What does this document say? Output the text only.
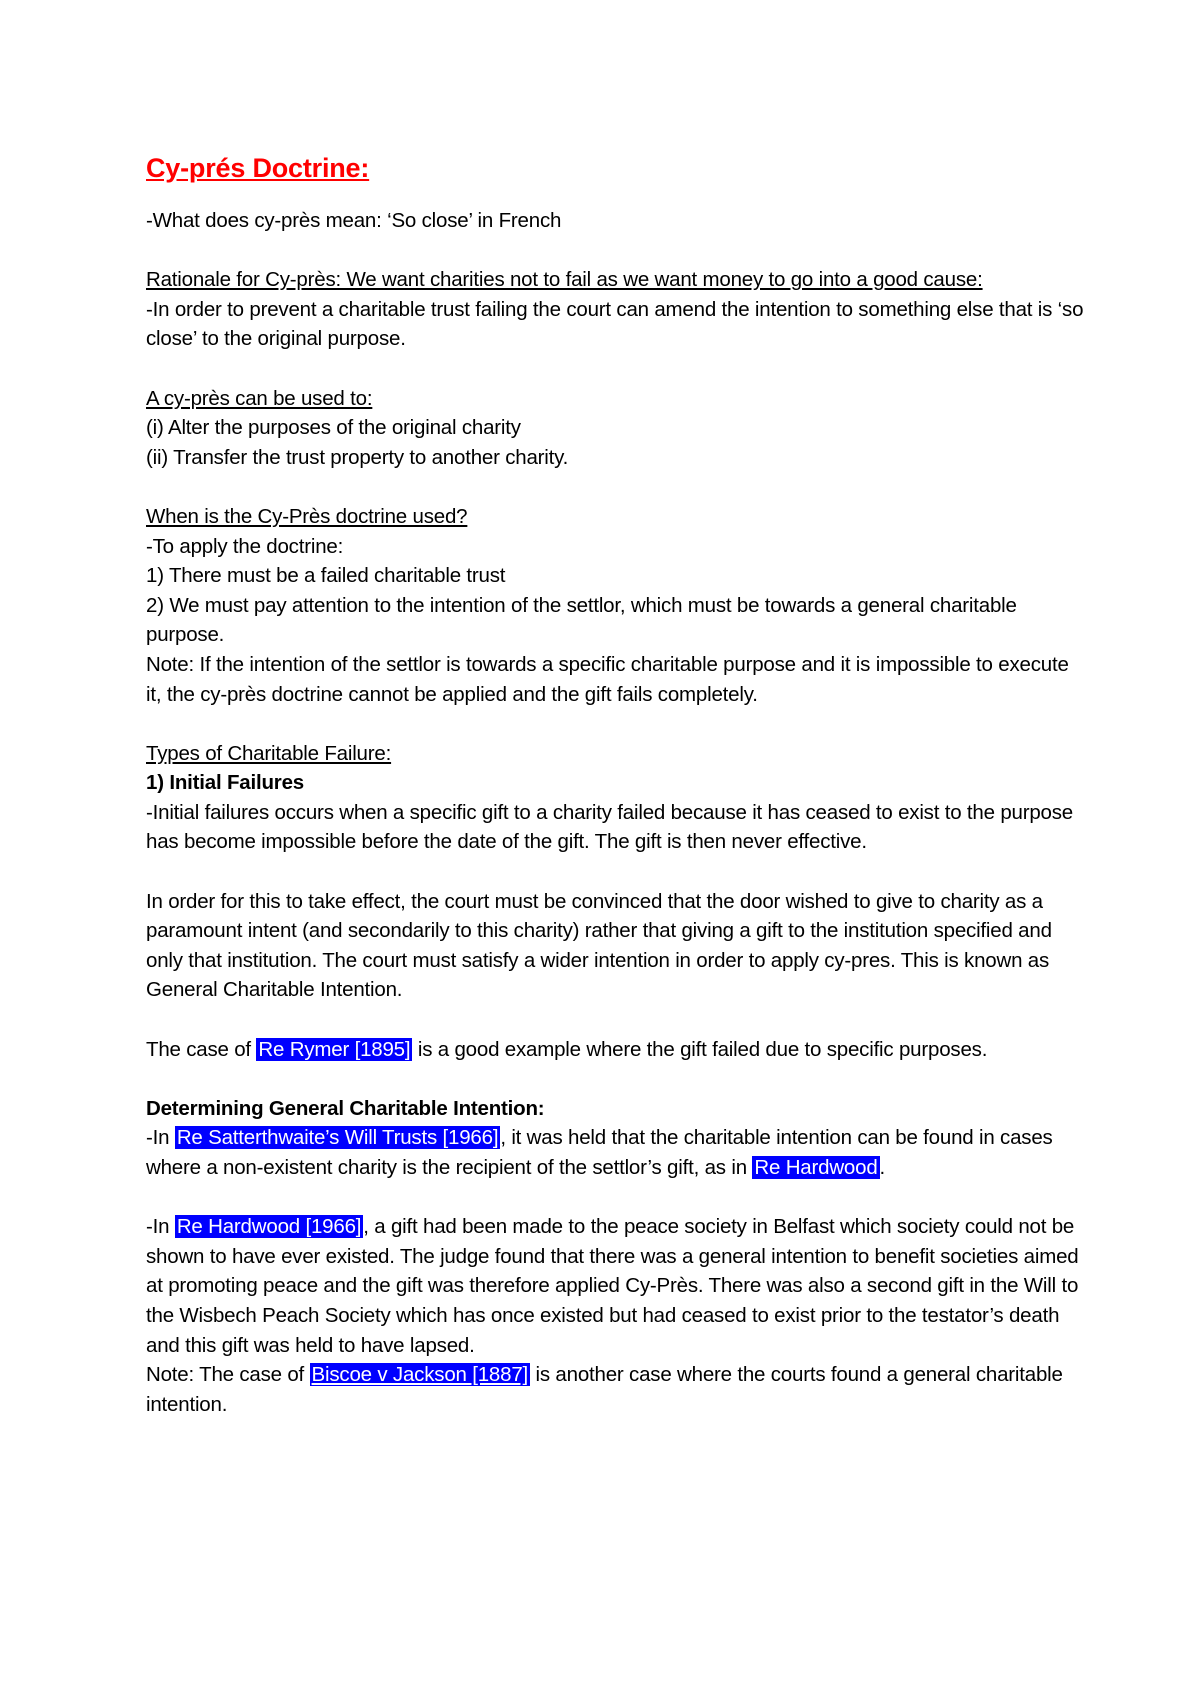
Cy-prés Doctrine:

-What does cy-près mean: ‘So close’ in French

Rationale for Cy-près: We want charities not to fail as we want money to go into a good cause:

-In order to prevent a charitable trust failing the court can amend the intention to something else that is ‘so close’ to the original purpose.

A cy-près can be used to:

(i) Alter the purposes of the original charity

(ii) Transfer the trust property to another charity.

When is the Cy-Près doctrine used?

-To apply the doctrine:

1) There must be a failed charitable trust

2) We must pay attention to the intention of the settlor, which must be towards a general charitable purpose.

Note: If the intention of the settlor is towards a specific charitable purpose and it is impossible to execute it, the cy-près doctrine cannot be applied and the gift fails completely.

Types of Charitable Failure:

1) Initial Failures

-Initial failures occurs when a specific gift to a charity failed because it has ceased to exist to the purpose has become impossible before the date of the gift. The gift is then never effective.

In order for this to take effect, the court must be convinced that the door wished to give to charity as a paramount intent (and secondarily to this charity) rather that giving a gift to the institution specified and only that institution. The court must satisfy a wider intention in order to apply cy-pres. This is known as General Charitable Intention.

The case of Re Rymer [1895] is a good example where the gift failed due to specific purposes.

Determining General Charitable Intention:

-In Re Satterthwaite’s Will Trusts [1966], it was held that the charitable intention can be found in cases where a non-existent charity is the recipient of the settlor’s gift, as in Re Hardwood.

-In Re Hardwood [1966], a gift had been made to the peace society in Belfast which society could not be shown to have ever existed. The judge found that there was a general intention to benefit societies aimed at promoting peace and the gift was therefore applied Cy-Près. There was also a second gift in the Will to the Wisbech Peach Society which has once existed but had ceased to exist prior to the testator’s death and this gift was held to have lapsed.

Note: The case of Biscoe v Jackson [1887] is another case where the courts found a general charitable intention.
